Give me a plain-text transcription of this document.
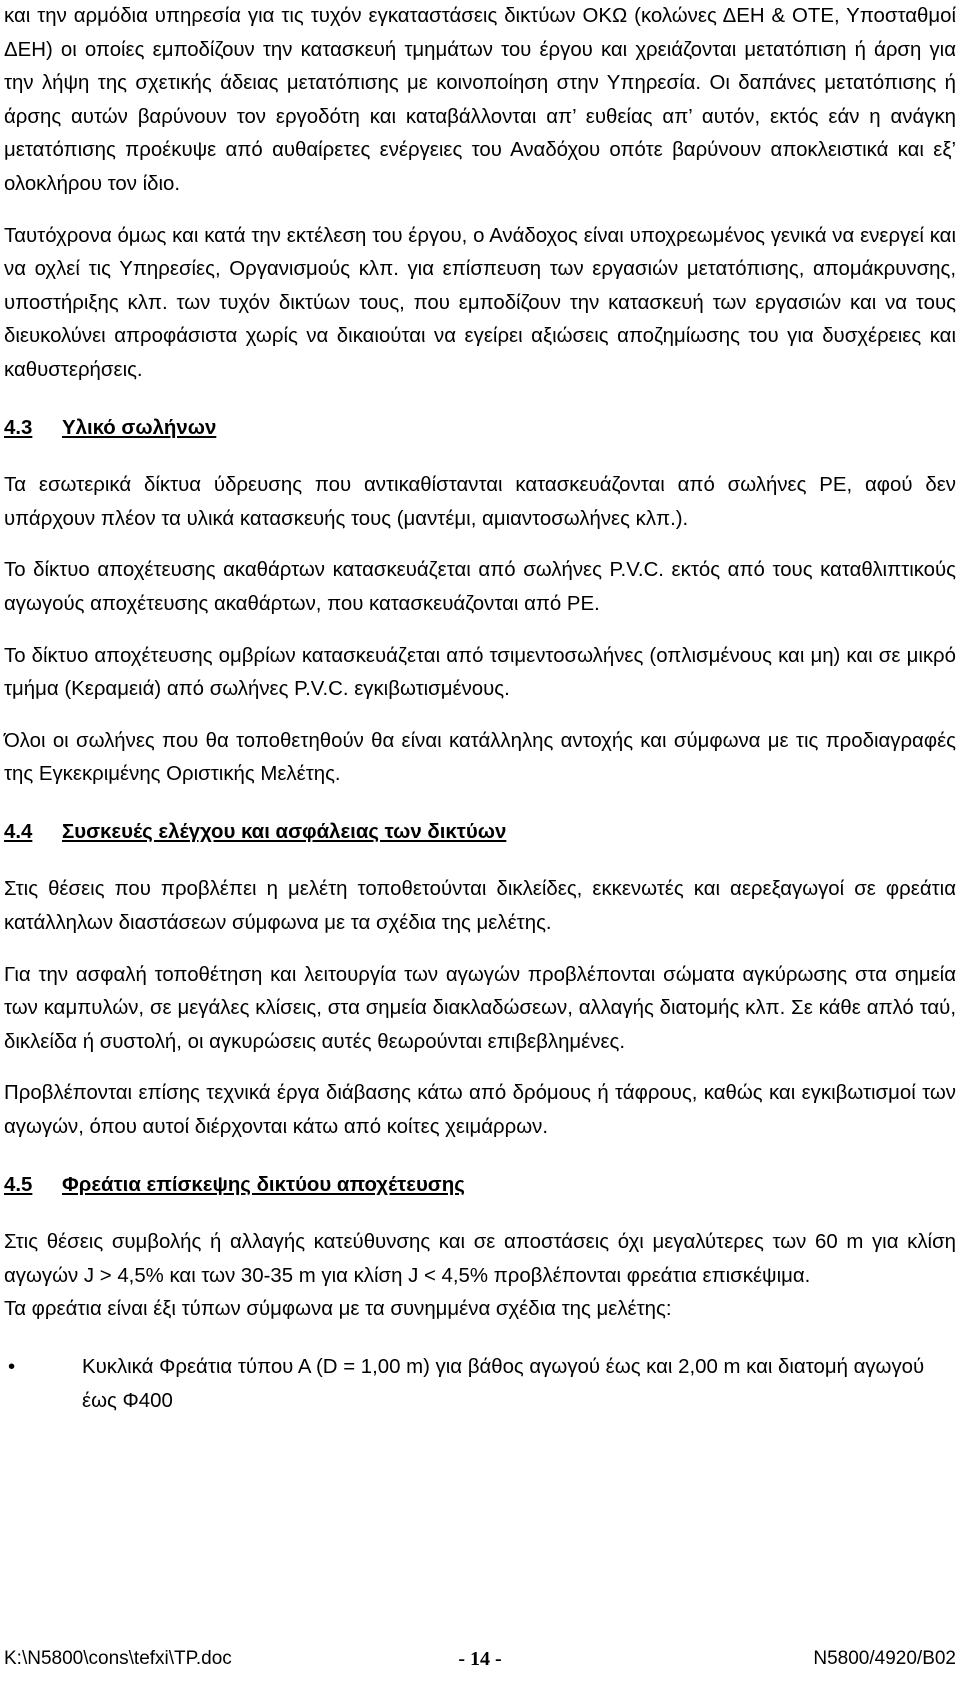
και την αρμόδια υπηρεσία για τις τυχόν εγκαταστάσεις δικτύων ΟΚΩ (κολώνες ΔΕΗ & ΟΤΕ, Υποσταθμοί ΔΕΗ) οι οποίες εμποδίζουν την κατασκευή τμημάτων του έργου και χρειάζονται μετατόπιση ή άρση για την λήψη της σχετικής άδειας μετατόπισης με κοινοποίηση στην Υπηρεσία. Οι δαπάνες μετατόπισης ή άρσης αυτών βαρύνουν τον εργοδότη και καταβάλλονται απ’ ευθείας απ’ αυτόν, εκτός εάν η ανάγκη μετατόπισης προέκυψε από αυθαίρετες ενέργειες του Αναδόχου οπότε βαρύνουν αποκλειστικά και εξ’ ολοκλήρου τον ίδιο.

Ταυτόχρονα όμως και κατά την εκτέλεση του έργου, ο Ανάδοχος είναι υποχρεωμένος γενικά να ενεργεί και να οχλεί τις Υπηρεσίες, Οργανισμούς κλπ. για επίσπευση των εργασιών μετατόπισης, απομάκρυνσης, υποστήριξης κλπ. των τυχόν δικτύων τους, που εμποδίζουν την κατασκευή των εργασιών και να τους διευκολύνει απροφάσιστα χωρίς να δικαιούται να εγείρει αξιώσεις αποζημίωσης του για δυσχέρειες και καθυστερήσεις.

4.3	Υλικό σωλήνων

Τα εσωτερικά δίκτυα ύδρευσης που αντικαθίστανται κατασκευάζονται από σωλήνες PE, αφού δεν υπάρχουν πλέον τα υλικά κατασκευής τους (μαντέμι, αμιαντοσωλήνες κλπ.).

Το δίκτυο αποχέτευσης ακαθάρτων κατασκευάζεται από σωλήνες P.V.C. εκτός από τους καταθλιπτικούς αγωγούς αποχέτευσης ακαθάρτων, που κατασκευάζονται από PE.

Το δίκτυο αποχέτευσης ομβρίων κατασκευάζεται από τσιμεντοσωλήνες (οπλισμένους και μη) και σε μικρό τμήμα (Κεραμειά) από σωλήνες P.V.C. εγκιβωτισμένους.

Όλοι οι σωλήνες που θα τοποθετηθούν θα είναι κατάλληλης αντοχής και σύμφωνα με τις προδιαγραφές της Εγκεκριμένης Οριστικής Μελέτης.

4.4	Συσκευές ελέγχου και ασφάλειας των δικτύων

Στις θέσεις που προβλέπει η μελέτη τοποθετούνται δικλείδες, εκκενωτές και αερεξαγωγοί σε φρεάτια κατάλληλων διαστάσεων σύμφωνα με τα σχέδια της μελέτης.

Για την ασφαλή τοποθέτηση και λειτουργία των αγωγών προβλέπονται σώματα αγκύρωσης στα σημεία των καμπυλών, σε μεγάλες κλίσεις, στα σημεία διακλαδώσεων, αλλαγής διατομής κλπ. Σε κάθε απλό ταύ, δικλείδα ή συστολή, οι αγκυρώσεις αυτές θεωρούνται επιβεβλημένες.

Προβλέπονται επίσης τεχνικά έργα διάβασης κάτω από δρόμους ή τάφρους, καθώς και εγκιβωτισμοί των αγωγών, όπου αυτοί διέρχονται κάτω από κοίτες χειμάρρων.

4.5	Φρεάτια επίσκεψης δικτύου αποχέτευσης

Στις θέσεις συμβολής ή αλλαγής κατεύθυνσης και σε αποστάσεις όχι μεγαλύτερες των 60 m για κλίση αγωγών J > 4,5% και των 30-35 m για κλίση J < 4,5% προβλέπονται φρεάτια επισκέψιμα.

Τα φρεάτια είναι έξι τύπων σύμφωνα με τα συνημμένα σχέδια της μελέτης:

•	Κυκλικά Φρεάτια τύπου Α (D = 1,00 m) για βάθος αγωγού έως και 2,00 m και διατομή αγωγού έως Φ400

K:\N5800\cons\tefxi\TP.doc	- 14 -	N5800/4920/B02
